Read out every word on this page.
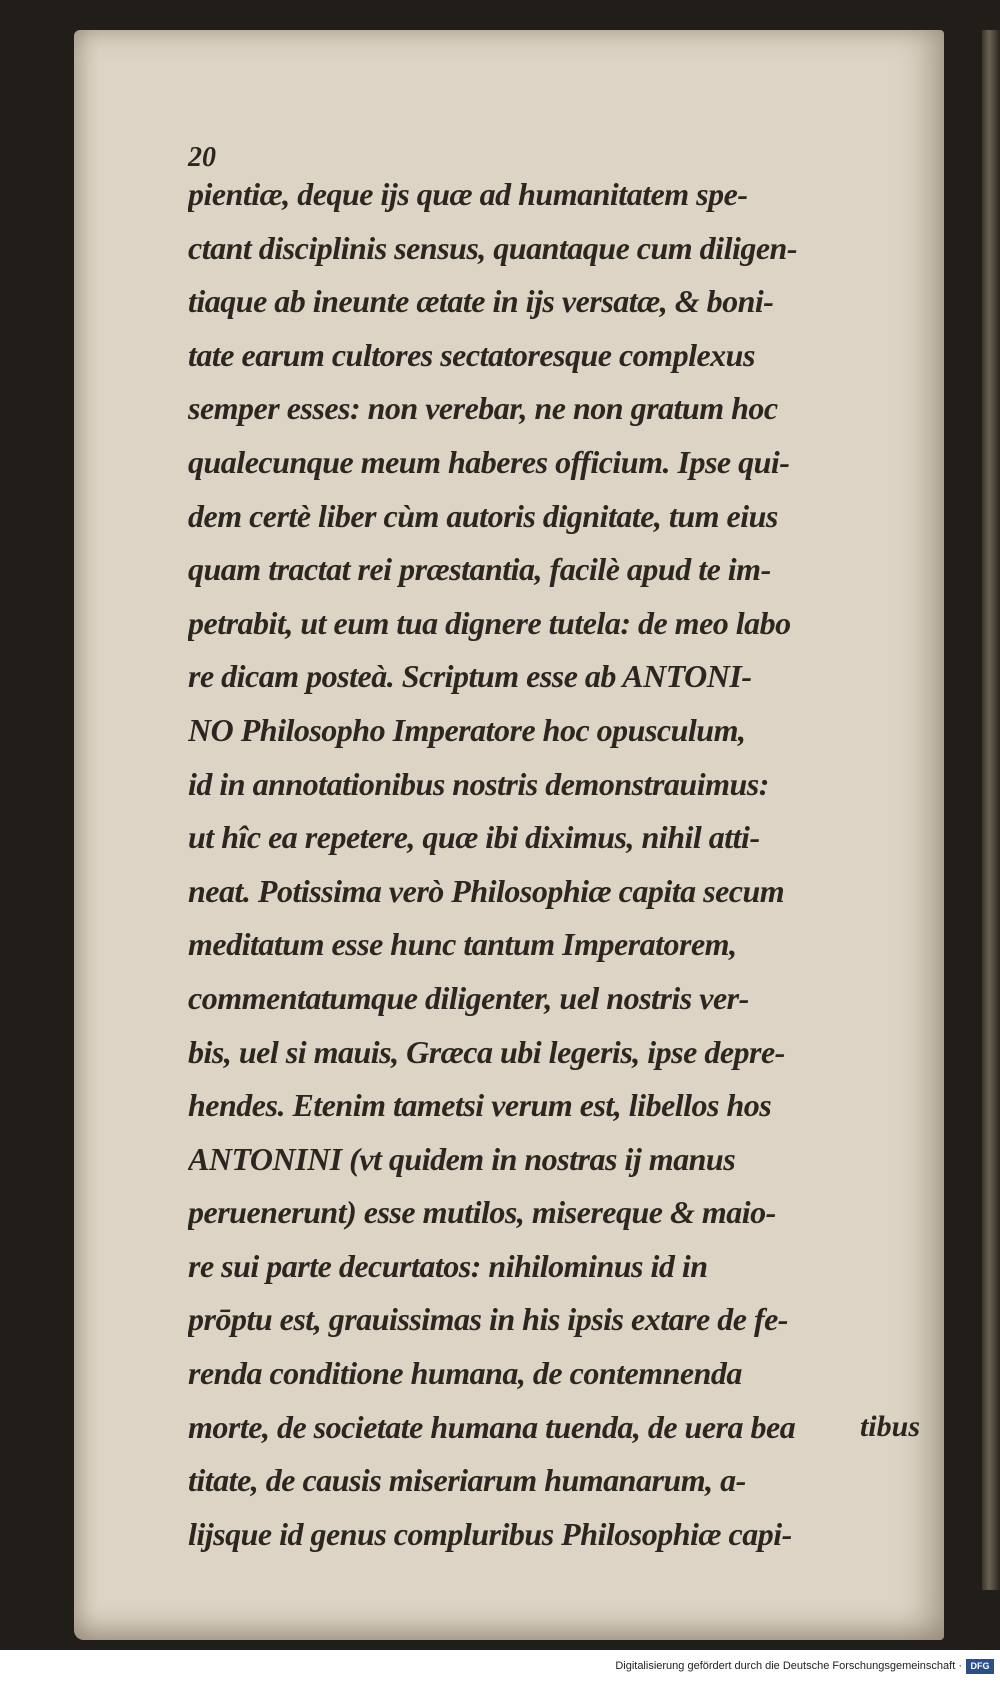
20
pientiæ, deque ijs quæ ad humanitatem spe-
ctant disciplinis sensus, quantaque cum diligen-
tiaque ab ineunte ætate in ijs versatæ, & boni-
tate earum cultores sectatoresque complexus
semper esses: non verebar, ne non gratum hoc
qualecunque meum haberes officium. Ipse qui-
dem certè liber cùm autoris dignitate, tum eius
quam tractat rei præstantia, facilè apud te im-
petrabit, ut eum tua dignere tutela: de meo labo
re dicam posteà. Scriptum esse ab ANTONI-
NO Philosopho Imperatore hoc opusculum,
id in annotationibus nostris demonstrauimus:
ut hîc ea repetere, quæ ibi diximus, nihil atti-
neat. Potissima verò Philosophiæ capita secum
meditatum esse hunc tantum Imperatorem,
commentatumque diligenter, uel nostris ver-
bis, uel si mauis, Græca ubi legeris, ipse depre-
hendes. Etenim tametsi verum est, libellos hos
ANTONINI (vt quidem in nostras ij manus
peruenerunt) esse mutilos, misereque & maio-
re sui parte decurtatos: nihilominus id in
prōptu est, grauissimas in his ipsis extare de fe-
renda conditione humana, de contemnenda
morte, de societate humana tuenda, de uera bea
titate, de causis miseriarum humanarum, a-
lijsque id genus compluribus Philosophiæ capi-
tibus
Digitalisierung gefördert durch die Deutsche Forschungsgemeinschaft · DFG
